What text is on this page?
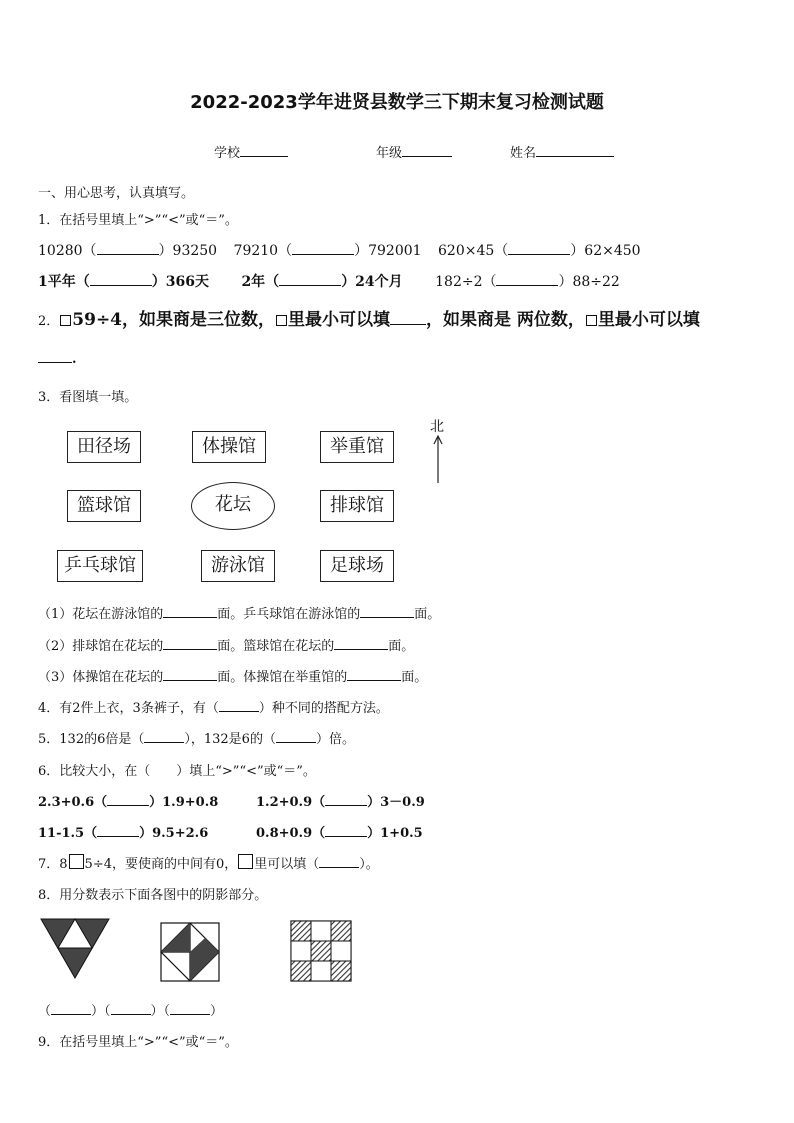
2022-2023学年进贤县数学三下期末复习检测试题
学校	年级	姓名
一、用心思考，认真填写。
1．在括号里填上“>”“<”或“＝”。
10280（	）93250 79210（	）792001 620×45（	）62×450
1平年（	）366天 2年（	）24个月 182÷2（	）88÷22
2． 59÷4，如果商是三位数， 里最小可以填 ，如果商是 两位数， 里最小可以填
.
3．看图填一填。
田径场	体操馆	举重馆
篮球馆	花坛	排球馆
乒乓球馆	游泳馆	足球场
北
（1）花坛在游泳馆的	面。乒乓球馆在游泳馆的	面。
（2）排球馆在花坛的	面。篮球馆在花坛的	面。
（3）体操馆在花坛的	面。体操馆在举重馆的	面。
4．有2件上衣，3条裤子，有（	）种不同的搭配方法。
5．132的6倍是（	），132是6的（	）倍。
6．比较大小，在（　　）填上“>”“<”或“＝”。
2.3+0.6（	）1.9+0.8	1.2+0.9（	）3－0.9
11-1.5（	）9.5+2.6	0.8+0.9（	）1+0.5
7．8 5÷4，要使商的中间有0， 里可以填（	）。
8．用分数表示下面各图中的阴影部分。
（	）（	）（	）
9．在括号里填上“>”“<”或“＝”。
